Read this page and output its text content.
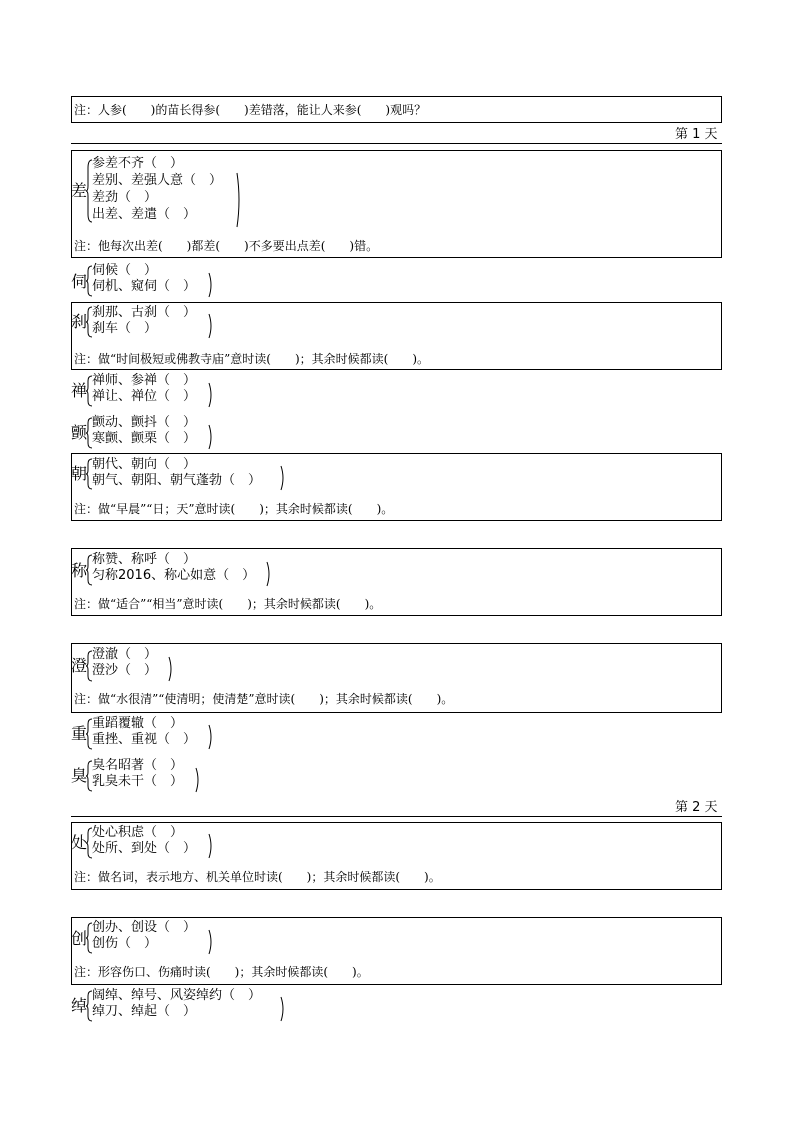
注：人参(　　)的苗长得参(　　)差错落，能让人来参(　　)观吗？
第 1 天
差
参差不齐（　）
差别、差强人意（　）
差劲（　）
出差、差遣（　）
注：他每次出差(　　)都差(　　)不多要出点差(　　)错。
伺
伺候（　）
伺机、窥伺（　）
刹 刹那、古刹（　）
刹车（　）
注：做“时间极短或佛教寺庙”意时读(　　)；其余时候都读(　　)。
禅
禅师、参禅（　）
禅让、禅位（　）
颤
颤动、颤抖（　）
寒颤、颤栗（　）
朝 朝代、朝向（　）
朝气、朝阳、朝气蓬勃（　）
注：做“早晨”“日；天”意时读(　　)；其余时候都读(　　)。
称
称赞、称呼（　）
匀称2016、称心如意（　）
注：做“适合”“相当”意时读(　　)；其余时候都读(　　)。
澄
澄澈（　）
澄沙（　）
注：做“水很清”“使清明；使清楚”意时读(　　)；其余时候都读(　　)。
重
重蹈覆辙（　）
重挫、重视（　）
臭
臭名昭著（　）
乳臭未干（　）
第 2 天
处
处心积虑（　）
处所、到处（　）
注：做名词，表示地方、机关单位时读(　　)；其余时候都读(　　)。
创
创办、创设（　）
创伤（　）
注：形容伤口、伤痛时读(　　)；其余时候都读(　　)。
绰
阔绰、绰号、风姿绰约（　）
绰刀、绰起（　）
